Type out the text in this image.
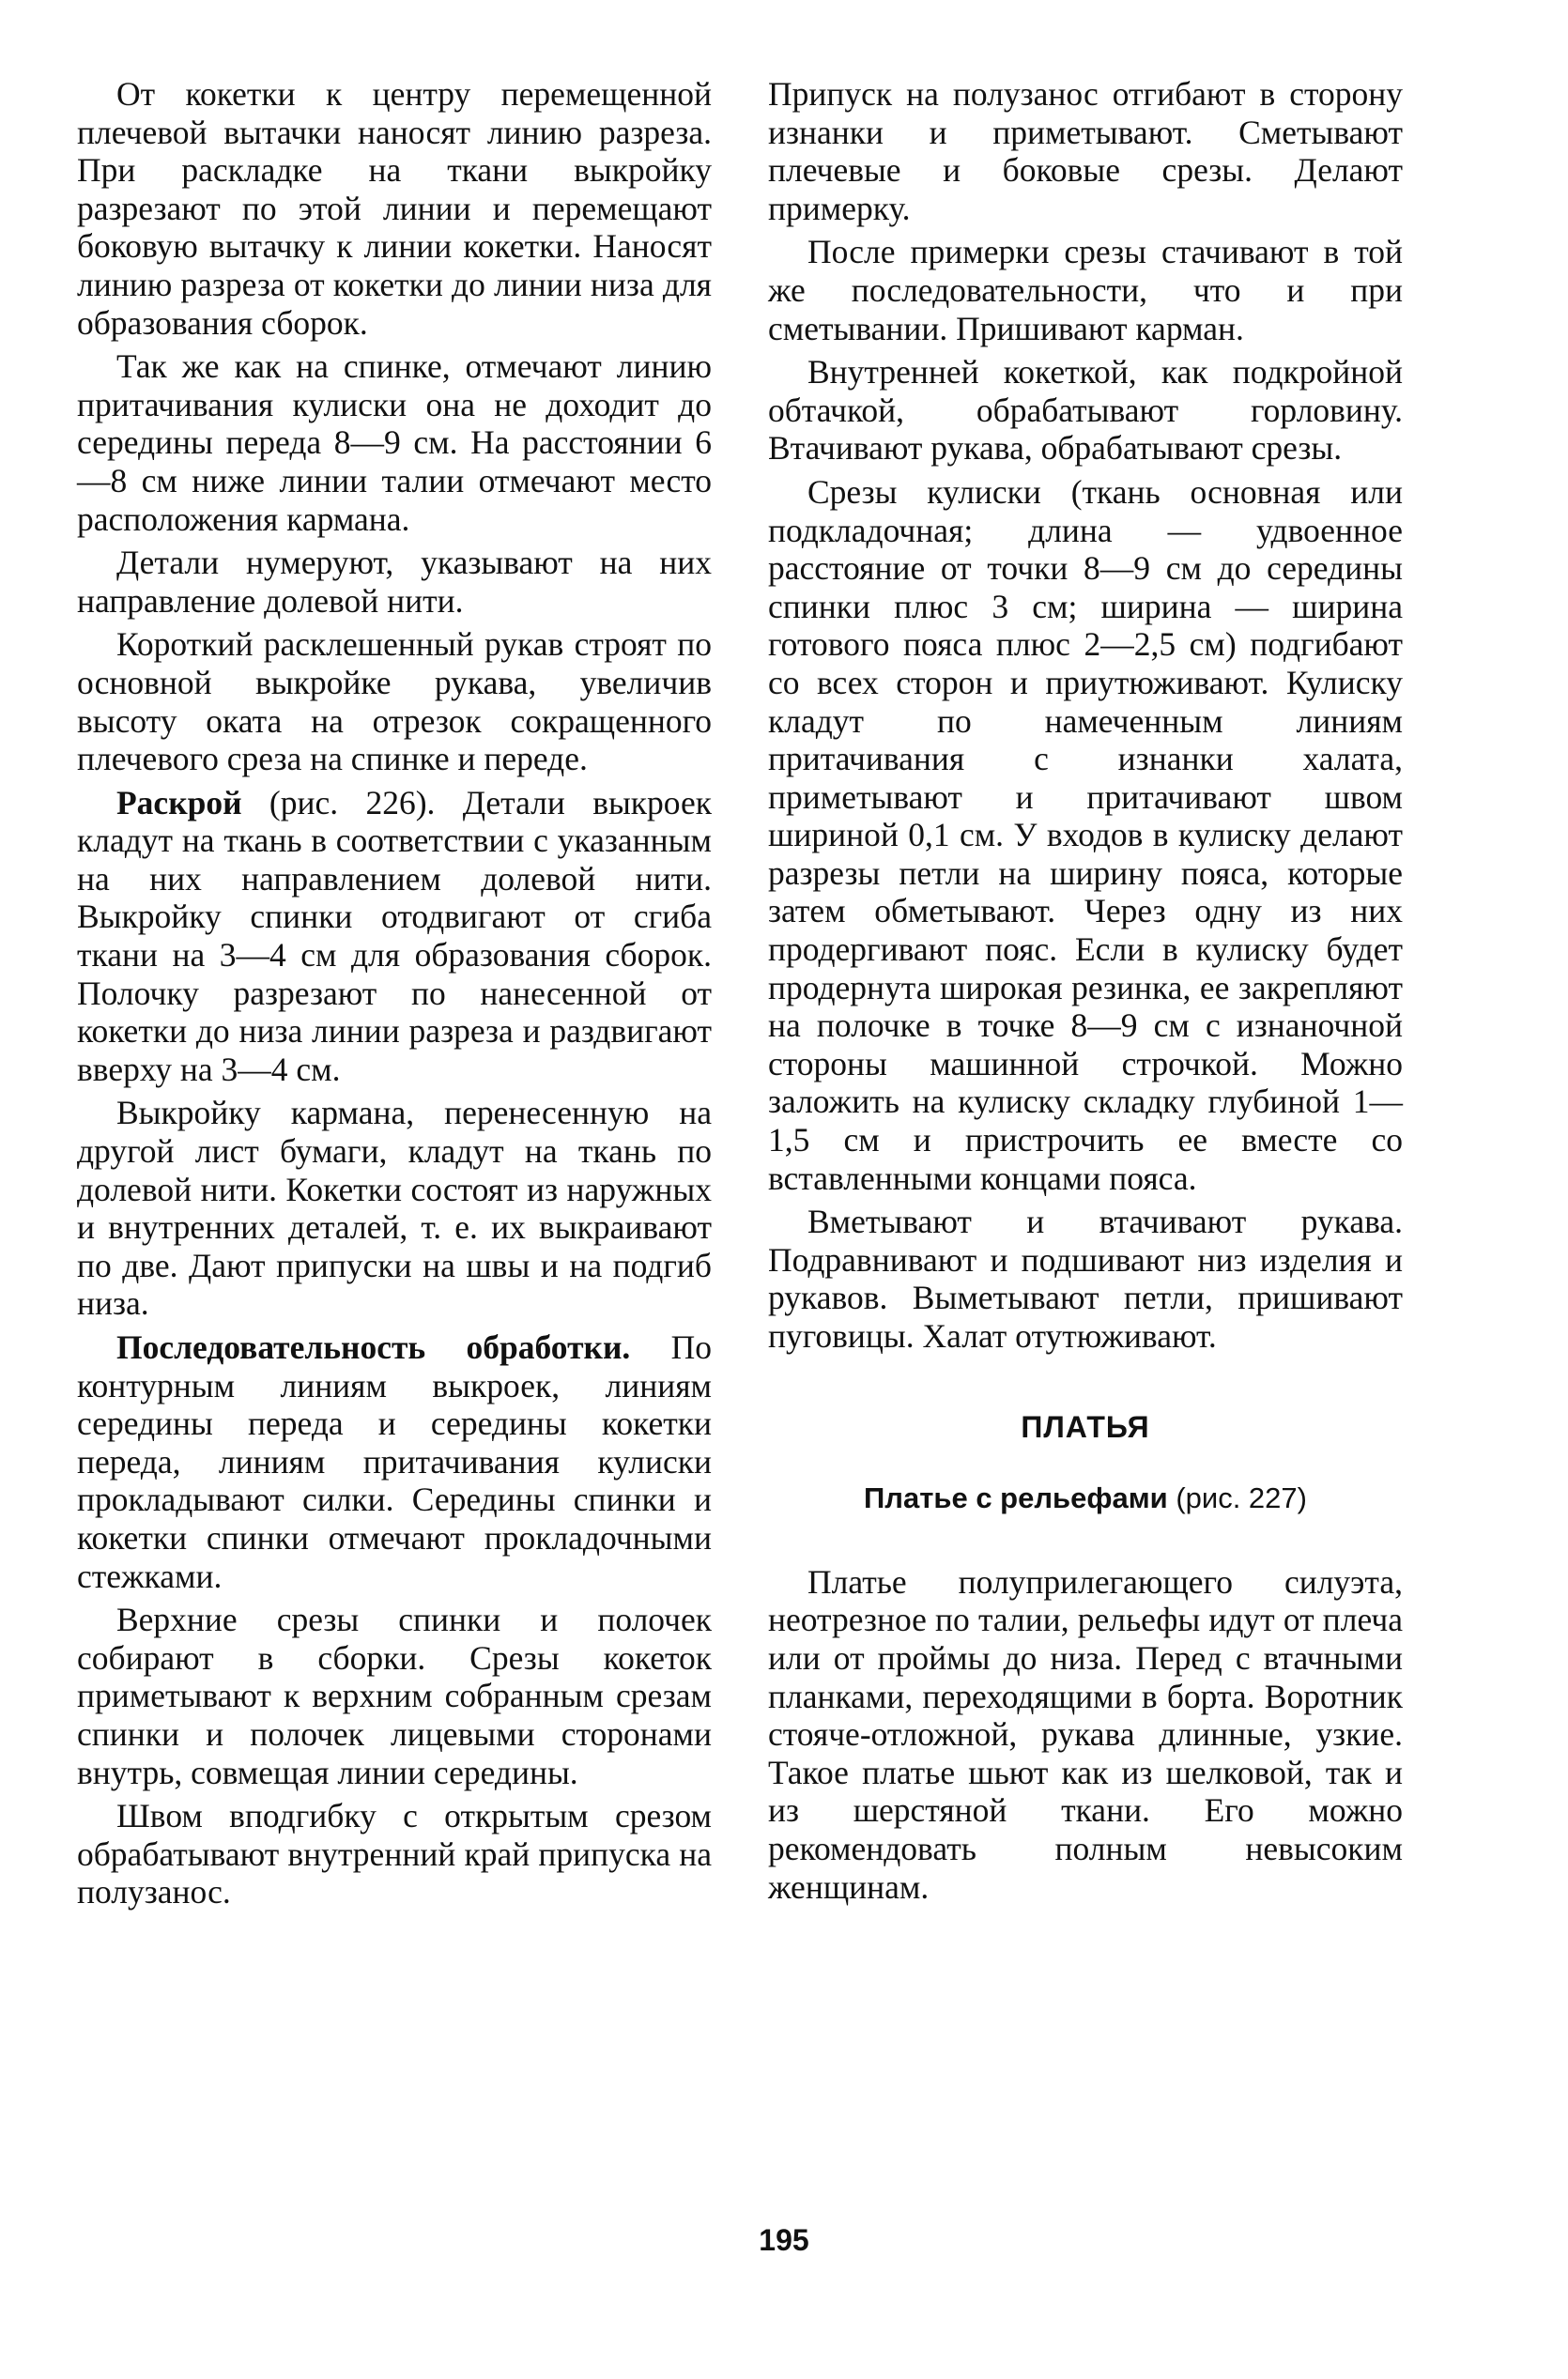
От кокетки к центру перемещенной плечевой вытачки наносят линию разреза. При раскладке на ткани выкройку разрезают по этой линии и перемещают боковую вытачку к линии кокетки. Наносят линию разреза от кокетки до линии низа для образования сборок.

Так же как на спинке, отмечают линию притачивания кулиски она не доходит до середины переда 8—9 см. На расстоянии 6—8 см ниже линии талии отмечают место расположения кармана.

Детали нумеруют, указывают на них направление долевой нити.

Короткий расклешенный рукав строят по основной выкройке рукава, увеличив высоту оката на отрезок сокращенного плечевого среза на спинке и переде.

Раскрой (рис. 226). Детали выкроек кладут на ткань в соответствии с указанным на них направлением долевой нити. Выкройку спинки отодвигают от сгиба ткани на 3—4 см для образования сборок. Полочку разрезают по нанесенной от кокетки до низа линии разреза и раздвигают вверху на 3—4 см.

Выкройку кармана, перенесенную на другой лист бумаги, кладут на ткань по долевой нити. Кокетки состоят из наружных и внутренних деталей, т. е. их выкраивают по две. Дают припуски на швы и на подгиб низа.

Последовательность обработки. По контурным линиям выкроек, линиям середины переда и середины кокетки переда, линиям притачивания кулиски прокладывают силки. Середины спинки и кокетки спинки отмечают прокладочными стежками.

Верхние срезы спинки и полочек собирают в сборки. Срезы кокеток приметывают к верхним собранным срезам спинки и полочек лицевыми сторонами внутрь, совмещая линии середины.

Швом вподгибку с открытым срезом обрабатывают внутренний край припуска на полузанос.

Припуск на полузанос отгибают в сторону изнанки и приметывают. Сметывают плечевые и боковые срезы. Делают примерку.

После примерки срезы стачивают в той же последовательности, что и при сметывании. Пришивают карман.

Внутренней кокеткой, как подкройной обтачкой, обрабатывают горловину. Втачивают рукава, обрабатывают срезы.

Срезы кулиски (ткань основная или подкладочная; длина — удвоенное расстояние от точки 8—9 см до середины спинки плюс 3 см; ширина — ширина готового пояса плюс 2—2,5 см) подгибают со всех сторон и приутюживают. Кулиску кладут по намеченным линиям притачивания с изнанки халата, приметывают и притачивают швом шириной 0,1 см. У входов в кулиску делают разрезы петли на ширину пояса, которые затем обметывают. Через одну из них продергивают пояс. Если в кулиску будет продернута широкая резинка, ее закрепляют на полочке в точке 8—9 см с изнаночной стороны машинной строчкой. Можно заложить на кулиску складку глубиной 1—1,5 см и пристрочить ее вместе со вставленными концами пояса.

Вметывают и втачивают рукава. Подравнивают и подшивают низ изделия и рукавов. Выметывают петли, пришивают пуговицы. Халат отутюживают.

ПЛАТЬЯ
Платье с рельефами (рис. 227)

Платье полуприлегающего силуэта, неотрезное по талии, рельефы идут от плеча или от проймы до низа. Перед с втачными планками, переходящими в борта. Воротник стояче-отложной, рукава длинные, узкие. Такое платье шьют как из шелковой, так и из шерстяной ткани. Его можно рекомендовать полным невысоким женщинам.

195
